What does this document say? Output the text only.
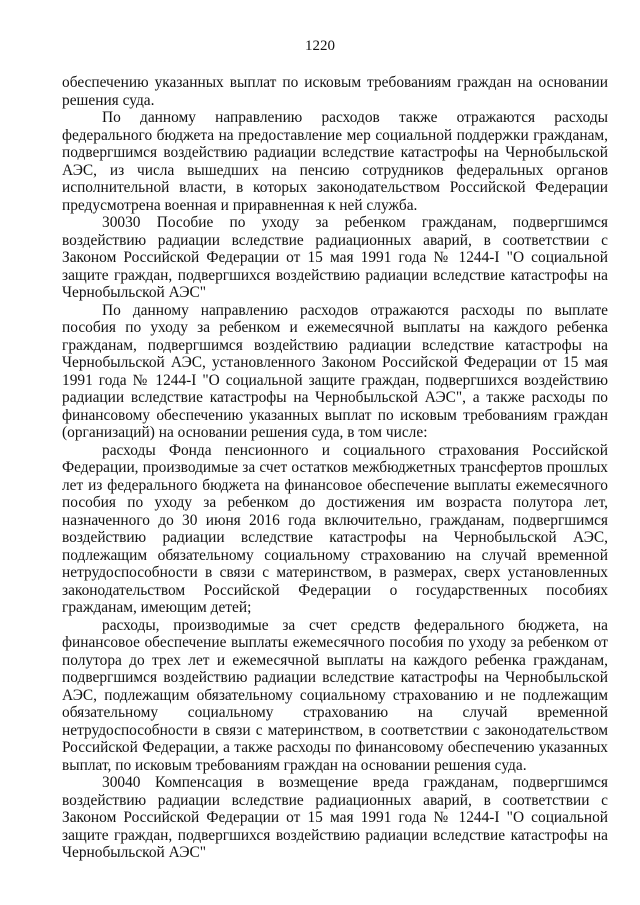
1220

обеспечению указанных выплат по исковым требованиям граждан на основании решения суда.

По данному направлению расходов также отражаются расходы федерального бюджета на предоставление мер социальной поддержки гражданам, подвергшимся воздействию радиации вследствие катастрофы на Чернобыльской АЭС, из числа вышедших на пенсию сотрудников федеральных органов исполнительной власти, в которых законодательством Российской Федерации предусмотрена военная и приравненная к ней служба.

30030 Пособие по уходу за ребенком гражданам, подвергшимся воздействию радиации вследствие радиационных аварий, в соответствии с Законом Российской Федерации от 15 мая 1991 года № 1244-I "О социальной защите граждан, подвергшихся воздействию радиации вследствие катастрофы на Чернобыльской АЭС"

По данному направлению расходов отражаются расходы по выплате пособия по уходу за ребенком и ежемесячной выплаты на каждого ребенка гражданам, подвергшимся воздействию радиации вследствие катастрофы на Чернобыльской АЭС, установленного Законом Российской Федерации от 15 мая 1991 года № 1244-I "О социальной защите граждан, подвергшихся воздействию радиации вследствие катастрофы на Чернобыльской АЭС", а также расходы по финансовому обеспечению указанных выплат по исковым требованиям граждан (организаций) на основании решения суда, в том числе:

расходы Фонда пенсионного и социального страхования Российской Федерации, производимые за счет остатков межбюджетных трансфертов прошлых лет из федерального бюджета на финансовое обеспечение выплаты ежемесячного пособия по уходу за ребенком до достижения им возраста полутора лет, назначенного до 30 июня 2016 года включительно, гражданам, подвергшимся воздействию радиации вследствие катастрофы на Чернобыльской АЭС, подлежащим обязательному социальному страхованию на случай временной нетрудоспособности в связи с материнством, в размерах, сверх установленных законодательством Российской Федерации о государственных пособиях гражданам, имеющим детей;

расходы, производимые за счет средств федерального бюджета, на финансовое обеспечение выплаты ежемесячного пособия по уходу за ребенком от полутора до трех лет и ежемесячной выплаты на каждого ребенка гражданам, подвергшимся воздействию радиации вследствие катастрофы на Чернобыльской АЭС, подлежащим обязательному социальному страхованию и не подлежащим обязательному социальному страхованию на случай временной нетрудоспособности в связи с материнством, в соответствии с законодательством Российской Федерации, а также расходы по финансовому обеспечению указанных выплат, по исковым требованиям граждан на основании решения суда.

30040 Компенсация в возмещение вреда гражданам, подвергшимся воздействию радиации вследствие радиационных аварий, в соответствии с Законом Российской Федерации от 15 мая 1991 года № 1244-I "О социальной защите граждан, подвергшихся воздействию радиации вследствие катастрофы на Чернобыльской АЭС"
